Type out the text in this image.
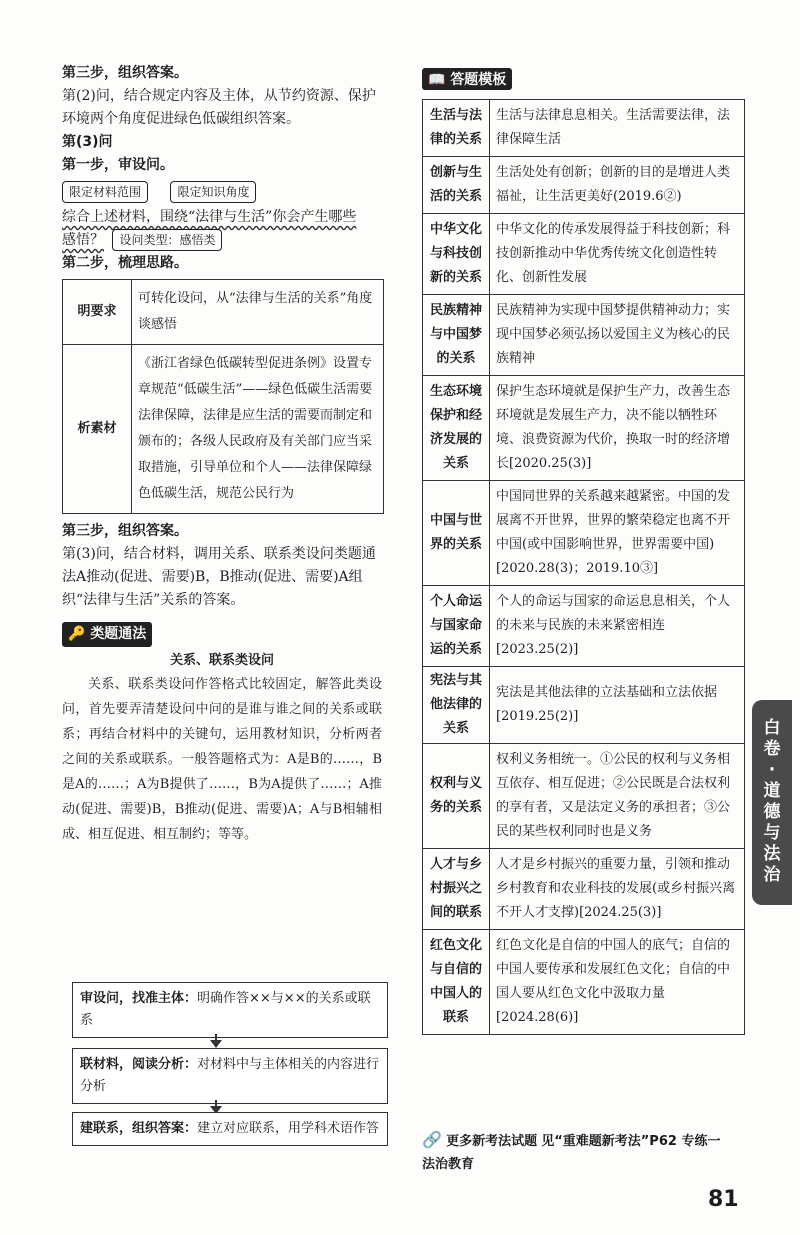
第三步，组织答案。

第(2)问，结合规定内容及主体，从节约资源、保护环境两个角度促进绿色低碳组织答案。

第(3)问

第一步，审设问。

限定材料范围	限定知识角度

综合上述材料，围绕“法律与生活”你会产生哪些

感悟？ 设问类型：感悟类

第二步，梳理思路。

明要求	可转化设问，从“法律与生活的关系”角度谈感悟
析素材	《浙江省绿色低碳转型促进条例》设置专章规范“低碳生活”——绿色低碳生活需要法律保障，法律是应生活的需要而制定和颁布的；各级人民政府及有关部门应当采取措施，引导单位和个人——法律保障绿色低碳生活，规范公民行为

第三步，组织答案。

第(3)问，结合材料，调用关系、联系类设问类题通法A推动(促进、需要)B，B推动(促进、需要)A组织“法律与生活”关系的答案。

🔑 类题通法

关系、联系类设问

关系、联系类设问作答格式比较固定，解答此类设问，首先要弄清楚设问中问的是谁与谁之间的关系或联系；再结合材料中的关键句，运用教材知识，分析两者之间的关系或联系。一般答题格式为：A是B的……，B是A的……；A为B提供了……，B为A提供了……；A推动(促进、需要)B，B推动(促进、需要)A；A与B相辅相成、相互促进、相互制约；等等。

审设问，找准主体：明确作答××与××的关系或联系
联材料，阅读分析：对材料中与主体相关的内容进行分析
建联系，组织答案：建立对应联系，用学科术语作答
📖 答题模板
生活与法律的关系	生活与法律息息相关。生活需要法律，法律保障生活
创新与生活的关系	生活处处有创新；创新的目的是增进人类福祉，让生活更美好(2019.6②)
中华文化与科技创新的关系	中华文化的传承发展得益于科技创新；科技创新推动中华优秀传统文化创造性转化、创新性发展
民族精神与中国梦的关系	民族精神为实现中国梦提供精神动力；实现中国梦必须弘扬以爱国主义为核心的民族精神
生态环境保护和经济发展的关系	保护生态环境就是保护生产力，改善生态环境就是发展生产力，决不能以牺牲环境、浪费资源为代价，换取一时的经济增长[2020.25(3)]
中国与世界的关系	中国同世界的关系越来越紧密。中国的发展离不开世界，世界的繁荣稳定也离不开中国(或中国影响世界，世界需要中国)[2020.28(3)；2019.10③]
个人命运与国家命运的关系	个人的命运与国家的命运息息相关，个人的未来与民族的未来紧密相连[2023.25(2)]
宪法与其他法律的关系	宪法是其他法律的立法基础和立法依据[2019.25(2)]
权利与义务的关系	权利义务相统一。①公民的权利与义务相互依存、相互促进；②公民既是合法权利的享有者，又是法定义务的承担者；③公民的某些权利同时也是义务
人才与乡村振兴之间的联系	人才是乡村振兴的重要力量，引领和推动乡村教育和农业科技的发展(或乡村振兴离不开人才支撑)[2024.25(3)]
红色文化与自信的中国人的联系	红色文化是自信的中国人的底气；自信的中国人要传承和发展红色文化；自信的中国人要从红色文化中汲取力量[2024.28(6)]
🔗 更多新考法试题 见“重难题新考法”P62 专练一
法治教育
白
卷
·
道
德
与
法
治
81
